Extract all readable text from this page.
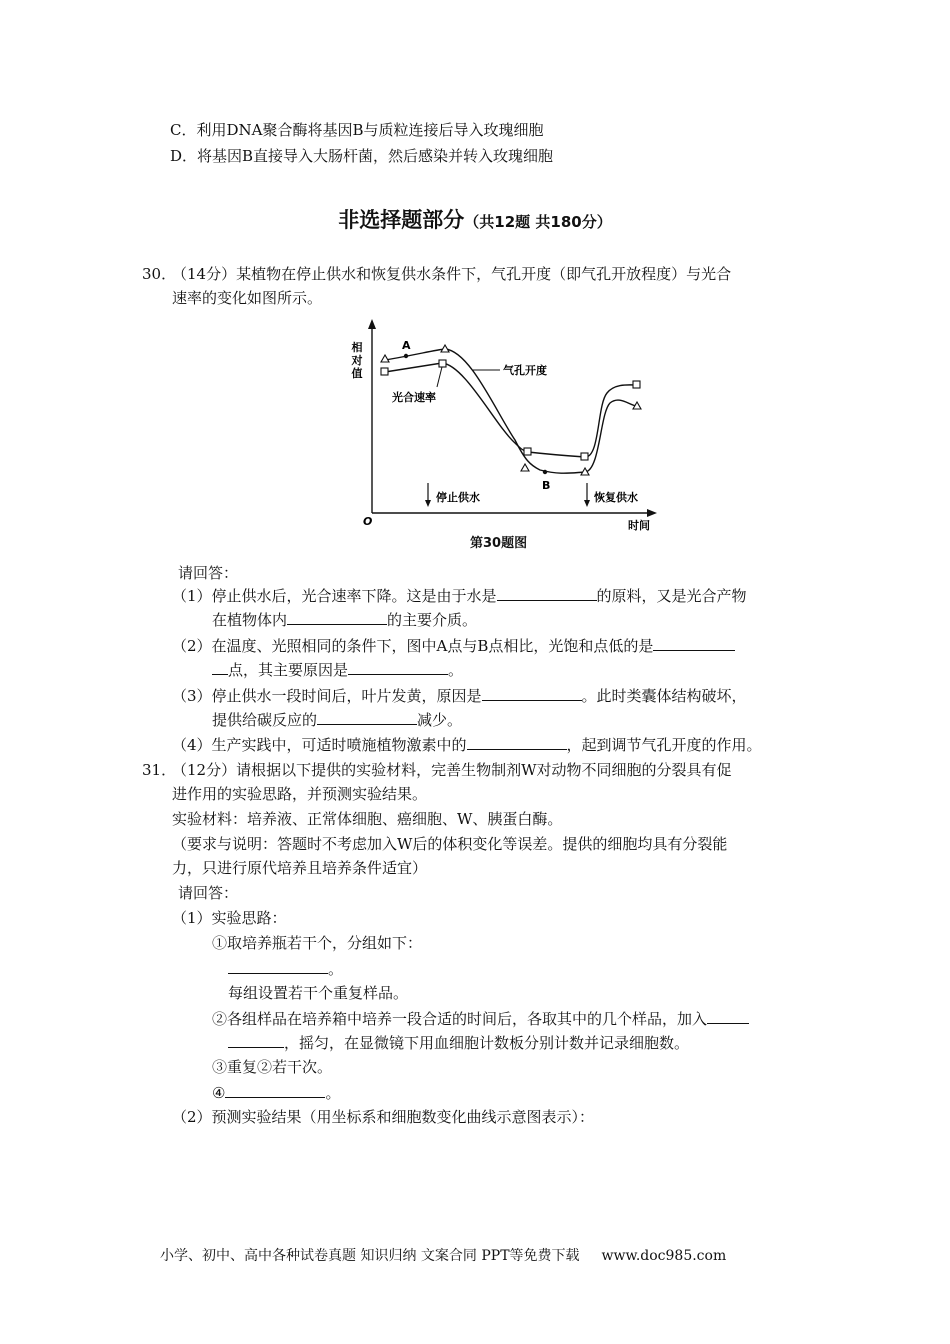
C．利用DNA聚合酶将基因B与质粒连接后导入玫瑰细胞
D．将基因B直接导入大肠杆菌，然后感染并转入玫瑰细胞
非选择题部分（共12题 共180分）
30．
（14分）某植物在停止供水和恢复供水条件下，气孔开度（即气孔开放程度）与光合
速率的变化如图所示。
相
对
值
O	时间
A
B
气孔开度
光合速率
停止供水	恢复供水
第30题图
请回答：
（1）停止供水后，光合速率下降。这是由于水是	的原料，又是光合产物
在植物体内	的主要介质。
（2）在温度、光照相同的条件下，图中A点与B点相比，光饱和点低的是
点，其主要原因是	。
（3）停止供水一段时间后，叶片发黄，原因是	。此时类囊体结构破坏，
提供给碳反应的	减少。
（4）生产实践中，可适时喷施植物激素中的	，起到调节气孔开度的作用。
31．
（12分）请根据以下提供的实验材料，完善生物制剂W对动物不同细胞的分裂具有促
进作用的实验思路，并预测实验结果。
实验材料：培养液、正常体细胞、癌细胞、W、胰蛋白酶。
（要求与说明：答题时不考虑加入W后的体积变化等误差。提供的细胞均具有分裂能
力，只进行原代培养且培养条件适宜）
请回答：
（1）实验思路：
①取培养瓶若干个，分组如下：
。
每组设置若干个重复样品。
②各组样品在培养箱中培养一段合适的时间后，各取其中的几个样品，加入
，摇匀，在显微镜下用血细胞计数板分别计数并记录细胞数。
③重复②若干次。
④	。
（2）预测实验结果（用坐标系和细胞数变化曲线示意图表示）：
小学、初中、高中各种试卷真题 知识归纳 文案合同 PPT等免费下载 www.doc985.com
